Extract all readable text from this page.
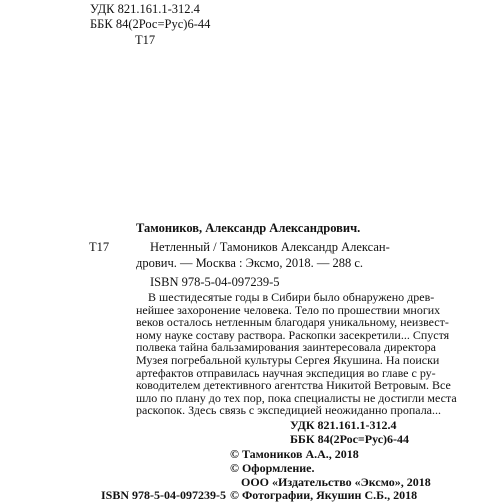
УДК 821.161.1-312.4
ББК 84(2Рос=Рус)6-44
Т17
Тамоников, Александр Александрович.
Т17	Нетленный / Тамоников Александр Алексан-
дрович. — Москва : Эксмо, 2018. — 288 с.
ISBN 978-5-04-097239-5
В шестидесятые годы в Сибири было обнаружено древ-
нейшее захоронение человека. Тело по прошествии многих
веков осталось нетленным благодаря уникальному, неизвест-
ному науке составу раствора. Раскопки засекретили... Спустя
полвека тайна бальзамирования заинтересовала директора
Музея погребальной культуры Сергея Якушина. На поиски
артефактов отправилась научная экспедиция во главе с ру-
ководителем детективного агентства Никитой Ветровым. Все
шло по плану до тех пор, пока специалисты не достигли места
раскопок. Здесь связь с экспедицией неожиданно пропала...
УДК 821.161.1-312.4
ББК 84(2Рос=Рус)6-44
© Тамоников А.А., 2018
© Оформление.
ООО «Издательство «Эксмо», 2018
ISBN 978-5-04-097239-5 © Фотографии, Якушин С.Б., 2018
